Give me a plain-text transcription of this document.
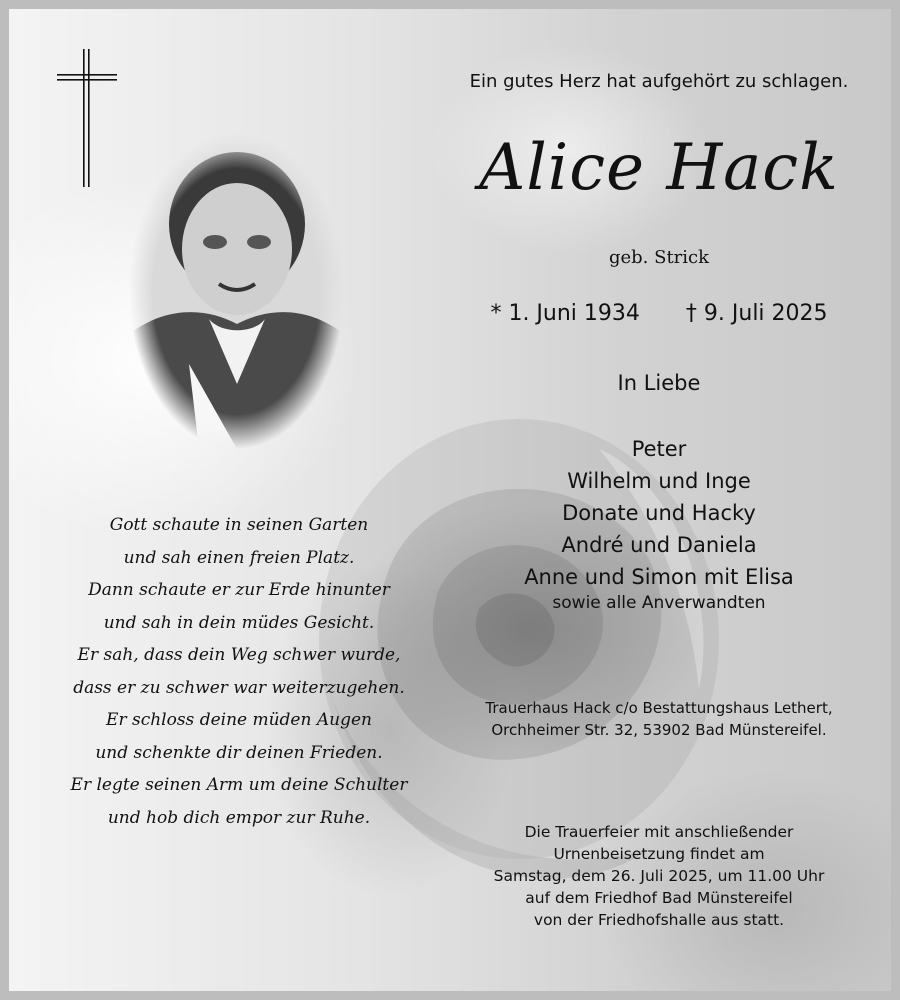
Ein gutes Herz hat aufgehört zu schlagen.
Alice Hack
geb. Strick
* 1. Juni 1934 † 9. Juli 2025
In Liebe
Peter
Wilhelm und Inge
Donate und Hacky
André und Daniela
Anne und Simon mit Elisa
sowie alle Anverwandten
Trauerhaus Hack c/o Bestattungshaus Lethert,
Orchheimer Str. 32, 53902 Bad Münstereifel.
Gott schaute in seinen Garten
und sah einen freien Platz.
Dann schaute er zur Erde hinunter
und sah in dein müdes Gesicht.
Er sah, dass dein Weg schwer wurde,
dass er zu schwer war weiterzugehen.
Er schloss deine müden Augen
und schenkte dir deinen Frieden.
Er legte seinen Arm um deine Schulter
und hob dich empor zur Ruhe.
Die Trauerfeier mit anschließender
Urnenbeisetzung findet am
Samstag, dem 26. Juli 2025, um 11.00 Uhr
auf dem Friedhof Bad Münstereifel
von der Friedhofshalle aus statt.
